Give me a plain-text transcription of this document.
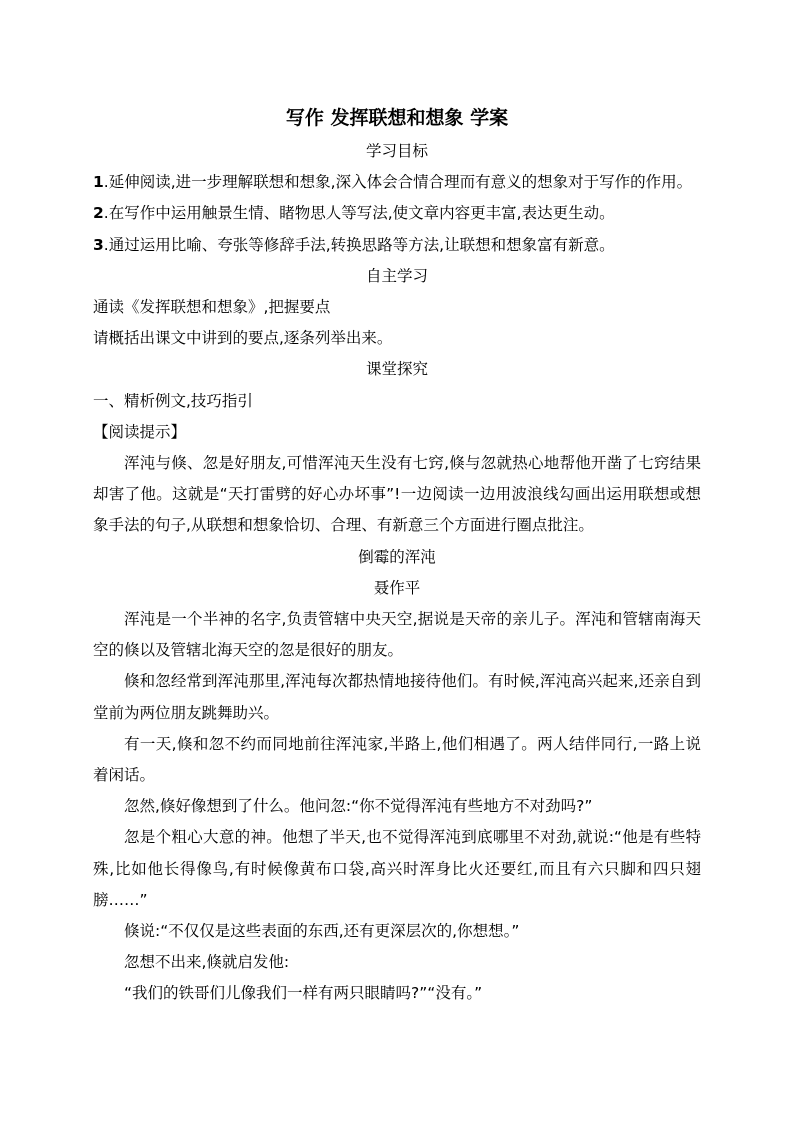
写作 发挥联想和想象 学案

学习目标

1.延伸阅读,进一步理解联想和想象,深入体会合情合理而有意义的想象对于写作的作用。

2.在写作中运用触景生情、睹物思人等写法,使文章内容更丰富,表达更生动。

3.通过运用比喻、夸张等修辞手法,转换思路等方法,让联想和想象富有新意。

自主学习

通读《发挥联想和想象》,把握要点

请概括出课文中讲到的要点,逐条列举出来。

课堂探究

一、精析例文,技巧指引

【阅读提示】

浑沌与倏、忽是好朋友,可惜浑沌天生没有七窍,倏与忽就热心地帮他开凿了七窍结果却害了他。这就是“天打雷劈的好心办坏事”!一边阅读一边用波浪线勾画出运用联想或想象手法的句子,从联想和想象恰切、合理、有新意三个方面进行圈点批注。

倒霉的浑沌

聂作平

浑沌是一个半神的名字,负责管辖中央天空,据说是天帝的亲儿子。浑沌和管辖南海天空的倏以及管辖北海天空的忽是很好的朋友。

倏和忽经常到浑沌那里,浑沌每次都热情地接待他们。有时候,浑沌高兴起来,还亲自到堂前为两位朋友跳舞助兴。

有一天,倏和忽不约而同地前往浑沌家,半路上,他们相遇了。两人结伴同行,一路上说着闲话。

忽然,倏好像想到了什么。他问忽:“你不觉得浑沌有些地方不对劲吗?”

忽是个粗心大意的神。他想了半天,也不觉得浑沌到底哪里不对劲,就说:“他是有些特殊,比如他长得像鸟,有时候像黄布口袋,高兴时浑身比火还要红,而且有六只脚和四只翅膀……”

倏说:“不仅仅是这些表面的东西,还有更深层次的,你想想。”

忽想不出来,倏就启发他:

“我们的铁哥们儿像我们一样有两只眼睛吗?”“没有。”
